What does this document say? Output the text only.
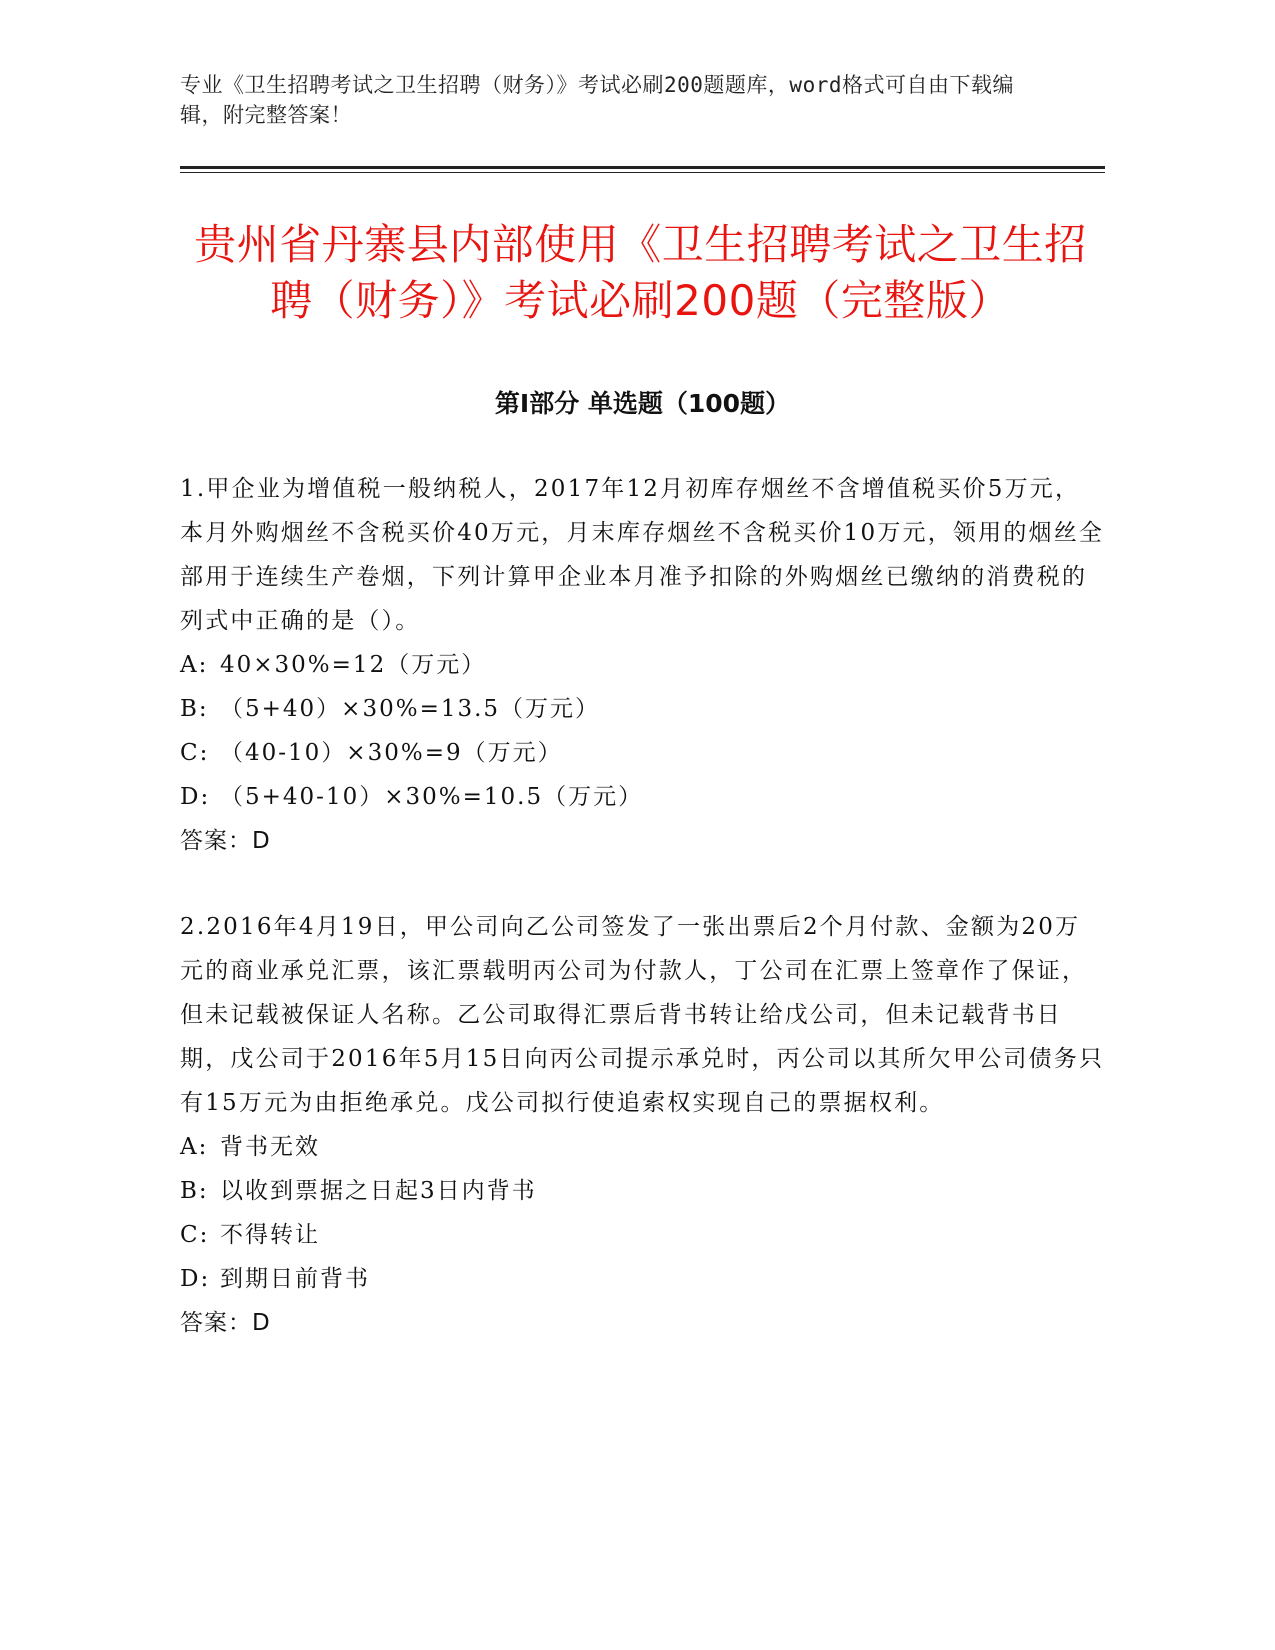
专业《卫生招聘考试之卫生招聘（财务）》考试必刷200题题库，word格式可自由下载编辑，附完整答案！

贵州省丹寨县内部使用《卫生招聘考试之卫生招聘（财务）》考试必刷200题（完整版）
第I部分 单选题（100题）

1.甲企业为增值税一般纳税人，2017年12月初库存烟丝不含增值税买价5万元，本月外购烟丝不含税买价40万元，月末库存烟丝不含税买价10万元，领用的烟丝全部用于连续生产卷烟，下列计算甲企业本月准予扣除的外购烟丝已缴纳的消费税的列式中正确的是（）。

A: 40×30%=12（万元）

B: （5+40）×30%=13.5（万元）

C: （40-10）×30%=9（万元）

D: （5+40-10）×30%=10.5（万元）

答案：D

2.2016年4月19日，甲公司向乙公司签发了一张出票后2个月付款、金额为20万元的商业承兑汇票，该汇票载明丙公司为付款人，丁公司在汇票上签章作了保证，但未记载被保证人名称。乙公司取得汇票后背书转让给戊公司，但未记载背书日期，戊公司于2016年5月15日向丙公司提示承兑时，丙公司以其所欠甲公司债务只有15万元为由拒绝承兑。戊公司拟行使追索权实现自己的票据权利。

A: 背书无效

B: 以收到票据之日起3日内背书

C: 不得转让

D: 到期日前背书

答案：D
